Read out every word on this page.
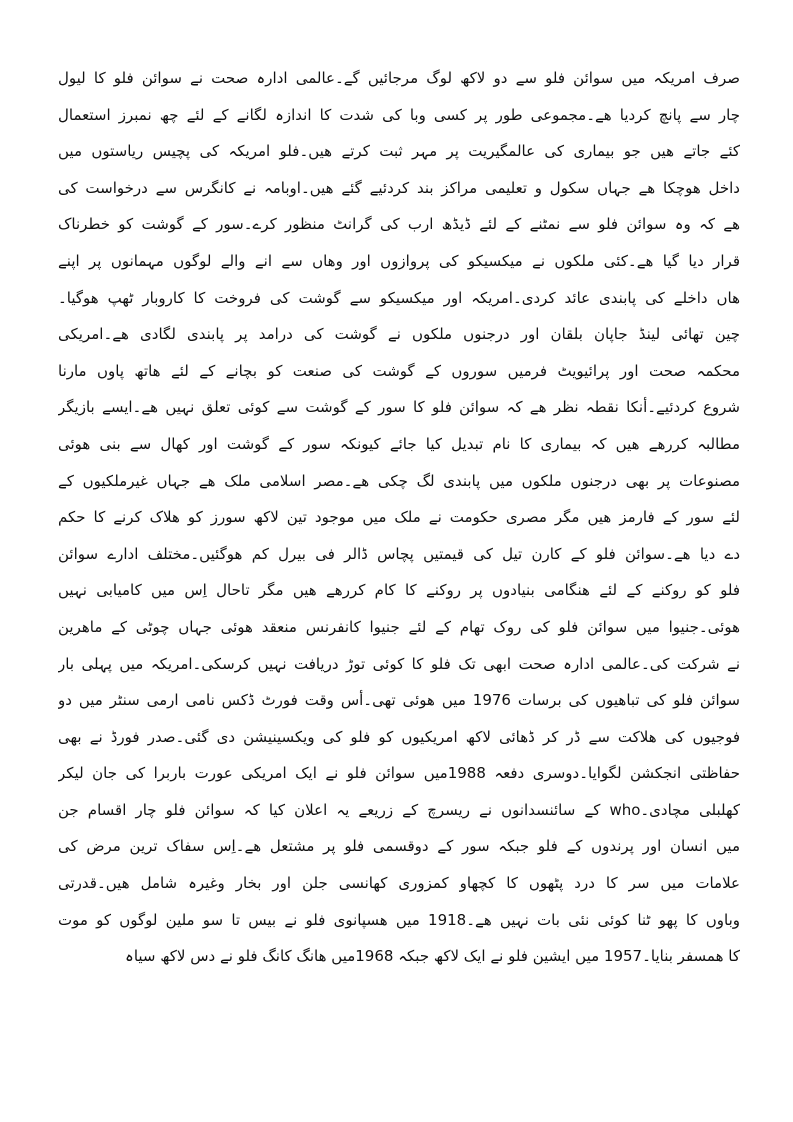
صرف امریکہ میں سوائن فلو سے دو لاکھ لوگ مرجائیں گے۔عالمی ادارہ صحت نے سوائن فلو کا لیول
چار سے پانچ کردیا ھے۔مجموعی طور پر کسی وبا کی شدت کا اندازہ لگانے کے لئے چھ نمبرز استعمال
کئے جاتے ھیں جو بیماری کی عالمگیریت پر مہر ثبت کرتے ھیں۔فلو امریکہ کی پچیس ریاستوں میں
داخل ھوچکا ھے جہاں سکول و تعلیمی مراکز بند کردئیے گئے ھیں۔اوبامہ نے کانگرس سے درخواست کی
ھے کہ وہ سوائن فلو سے نمٹنے کے لئے ڈیڈھ ارب کی گرانٹ منظور کرے۔سور کے گوشت کو خطرناک
قرار دیا گیا ھے۔کئی ملکوں نے میکسیکو کی پروازوں اور وھاں سے انے والے لوگوں مہمانوں پر اپنے
ھاں داخلے کی پابندی عائد کردی۔امریکہ اور میکسیکو سے گوشت کی فروخت کا کاروبار ٹھپ ھوگیا۔
چین تھائی لینڈ جاپان بلقان اور درجنوں ملکوں نے گوشت کی درامد پر پابندی لگادی ھے۔امریکی
محکمہ صحت اور پرائیویٹ فرمیں سوروں کے گوشت کی صنعت کو بچانے کے لئے ھاتھ پاوں مارنا
شروع کردئیے۔أنکا نقطہ نظر ھے کہ سوائن فلو کا سور کے گوشت سے کوئی تعلق نہیں ھے۔ایسے بازیگر
مطالبہ کررھے ھیں کہ بیماری کا نام تبدیل کیا جائے کیونکہ سور کے گوشت اور کھال سے بنی ھوئی
مصنوعات پر بھی درجنوں ملکوں میں پابندی لگ چکی ھے۔مصر اسلامی ملک ھے جہاں غیرملکیوں کے
لئے سور کے فارمز ھیں مگر مصری حکومت نے ملک میں موجود تین لاکھ سورز کو ھلاک کرنے کا حکم
دے دیا ھے۔سوائن فلو کے کارن تیل کی قیمتیں پچاس ڈالر فی بیرل کم ھوگئیں۔مختلف ادارے سوائن
فلو کو روکنے کے لئے ھنگامی بنیادوں پر روکنے کا کام کررھے ھیں مگر تاحال اِس میں کامیابی نہیں
ھوئی۔جنیوا میں سوائن فلو کی روک تھام کے لئے جنیوا کانفرنس منعقد ھوئی جہاں چوٹی کے ماھرین
نے شرکت کی۔عالمی ادارہ صحت ابھی تک فلو کا کوئی توڑ دریافت نہیں کرسکی۔امریکہ میں پہلی بار
سوائن فلو کی تباھیوں کی برسات 1976 میں ھوئی تھی۔أس وقت فورٹ ڈکس نامی ارمی سنٹر میں دو
فوجیوں کی ھلاکت سے ڈر کر ڈھائی لاکھ امریکیوں کو فلو کی ویکسینیشن دی گئی۔صدر فورڈ نے بھی
حفاظتی انجکشن لگوایا۔دوسری دفعہ 1988میں سوائن فلو نے ایک امریکی عورت باربرا کی جان لیکر
کھلبلی مچادی۔who کے سائنسدانوں نے ریسرچ کے زریعے یہ اعلان کیا کہ سوائن فلو چار اقسام جن
میں انسان اور پرندوں کے فلو جبکہ سور کے دوقسمی فلو پر مشتعل ھے۔اِس سفاک ترین مرض کی
علامات میں سر کا درد پٹھوں کا کچھاو کمزوری کھانسی جلن اور بخار وغیرہ شامل ھیں۔قدرتی
وباوں کا پھو ٹنا کوئی نئی بات نہیں ھے۔1918 میں ھسپانوی فلو نے بیس تا سو ملین لوگوں کو موت
کا ھمسفر بنایا۔1957 میں ایشین فلو نے ایک لاکھ جبکہ 1968میں ھانگ کانگ فلو نے دس لاکھ سیاہ
